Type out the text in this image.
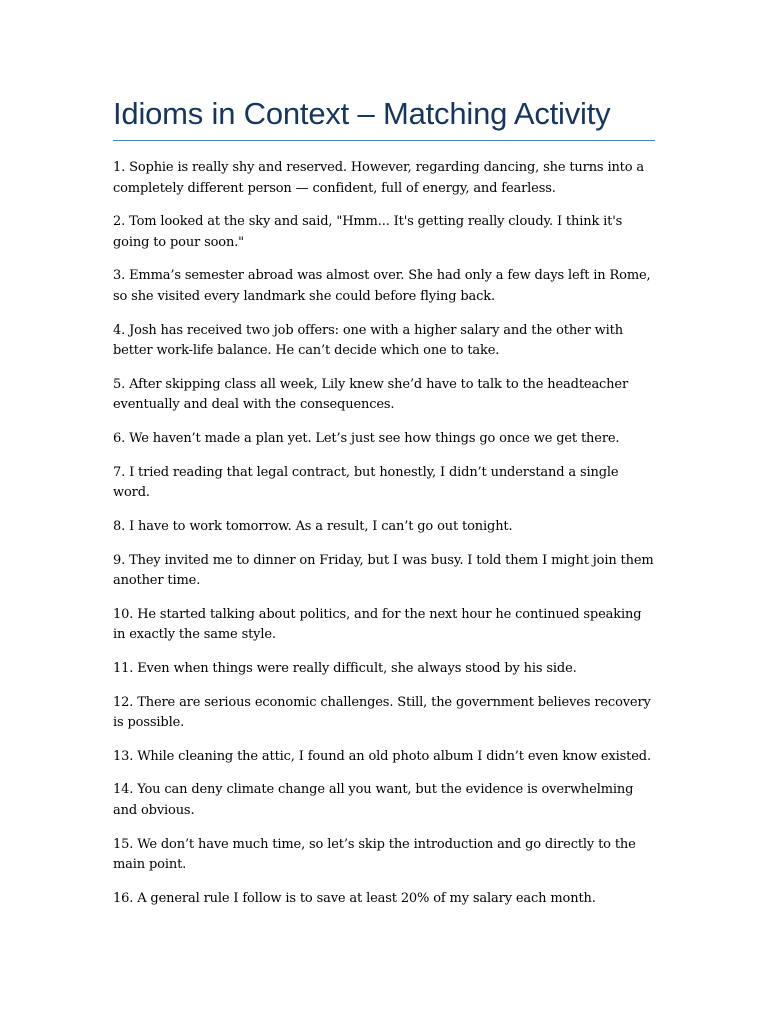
Idioms in Context – Matching Activity
1. Sophie is really shy and reserved. However, regarding dancing, she turns into a completely different person — confident, full of energy, and fearless.
2. Tom looked at the sky and said, "Hmm... It's getting really cloudy. I think it's going to pour soon."
3. Emma’s semester abroad was almost over. She had only a few days left in Rome, so she visited every landmark she could before flying back.
4. Josh has received two job offers: one with a higher salary and the other with better work-life balance. He can’t decide which one to take.
5. After skipping class all week, Lily knew she’d have to talk to the headteacher eventually and deal with the consequences.
6. We haven’t made a plan yet. Let’s just see how things go once we get there.
7. I tried reading that legal contract, but honestly, I didn’t understand a single word.
8. I have to work tomorrow. As a result, I can’t go out tonight.
9. They invited me to dinner on Friday, but I was busy. I told them I might join them another time.
10. He started talking about politics, and for the next hour he continued speaking in exactly the same style.
11. Even when things were really difficult, she always stood by his side.
12. There are serious economic challenges. Still, the government believes recovery is possible.
13. While cleaning the attic, I found an old photo album I didn’t even know existed.
14. You can deny climate change all you want, but the evidence is overwhelming and obvious.
15. We don’t have much time, so let’s skip the introduction and go directly to the main point.
16. A general rule I follow is to save at least 20% of my salary each month.
